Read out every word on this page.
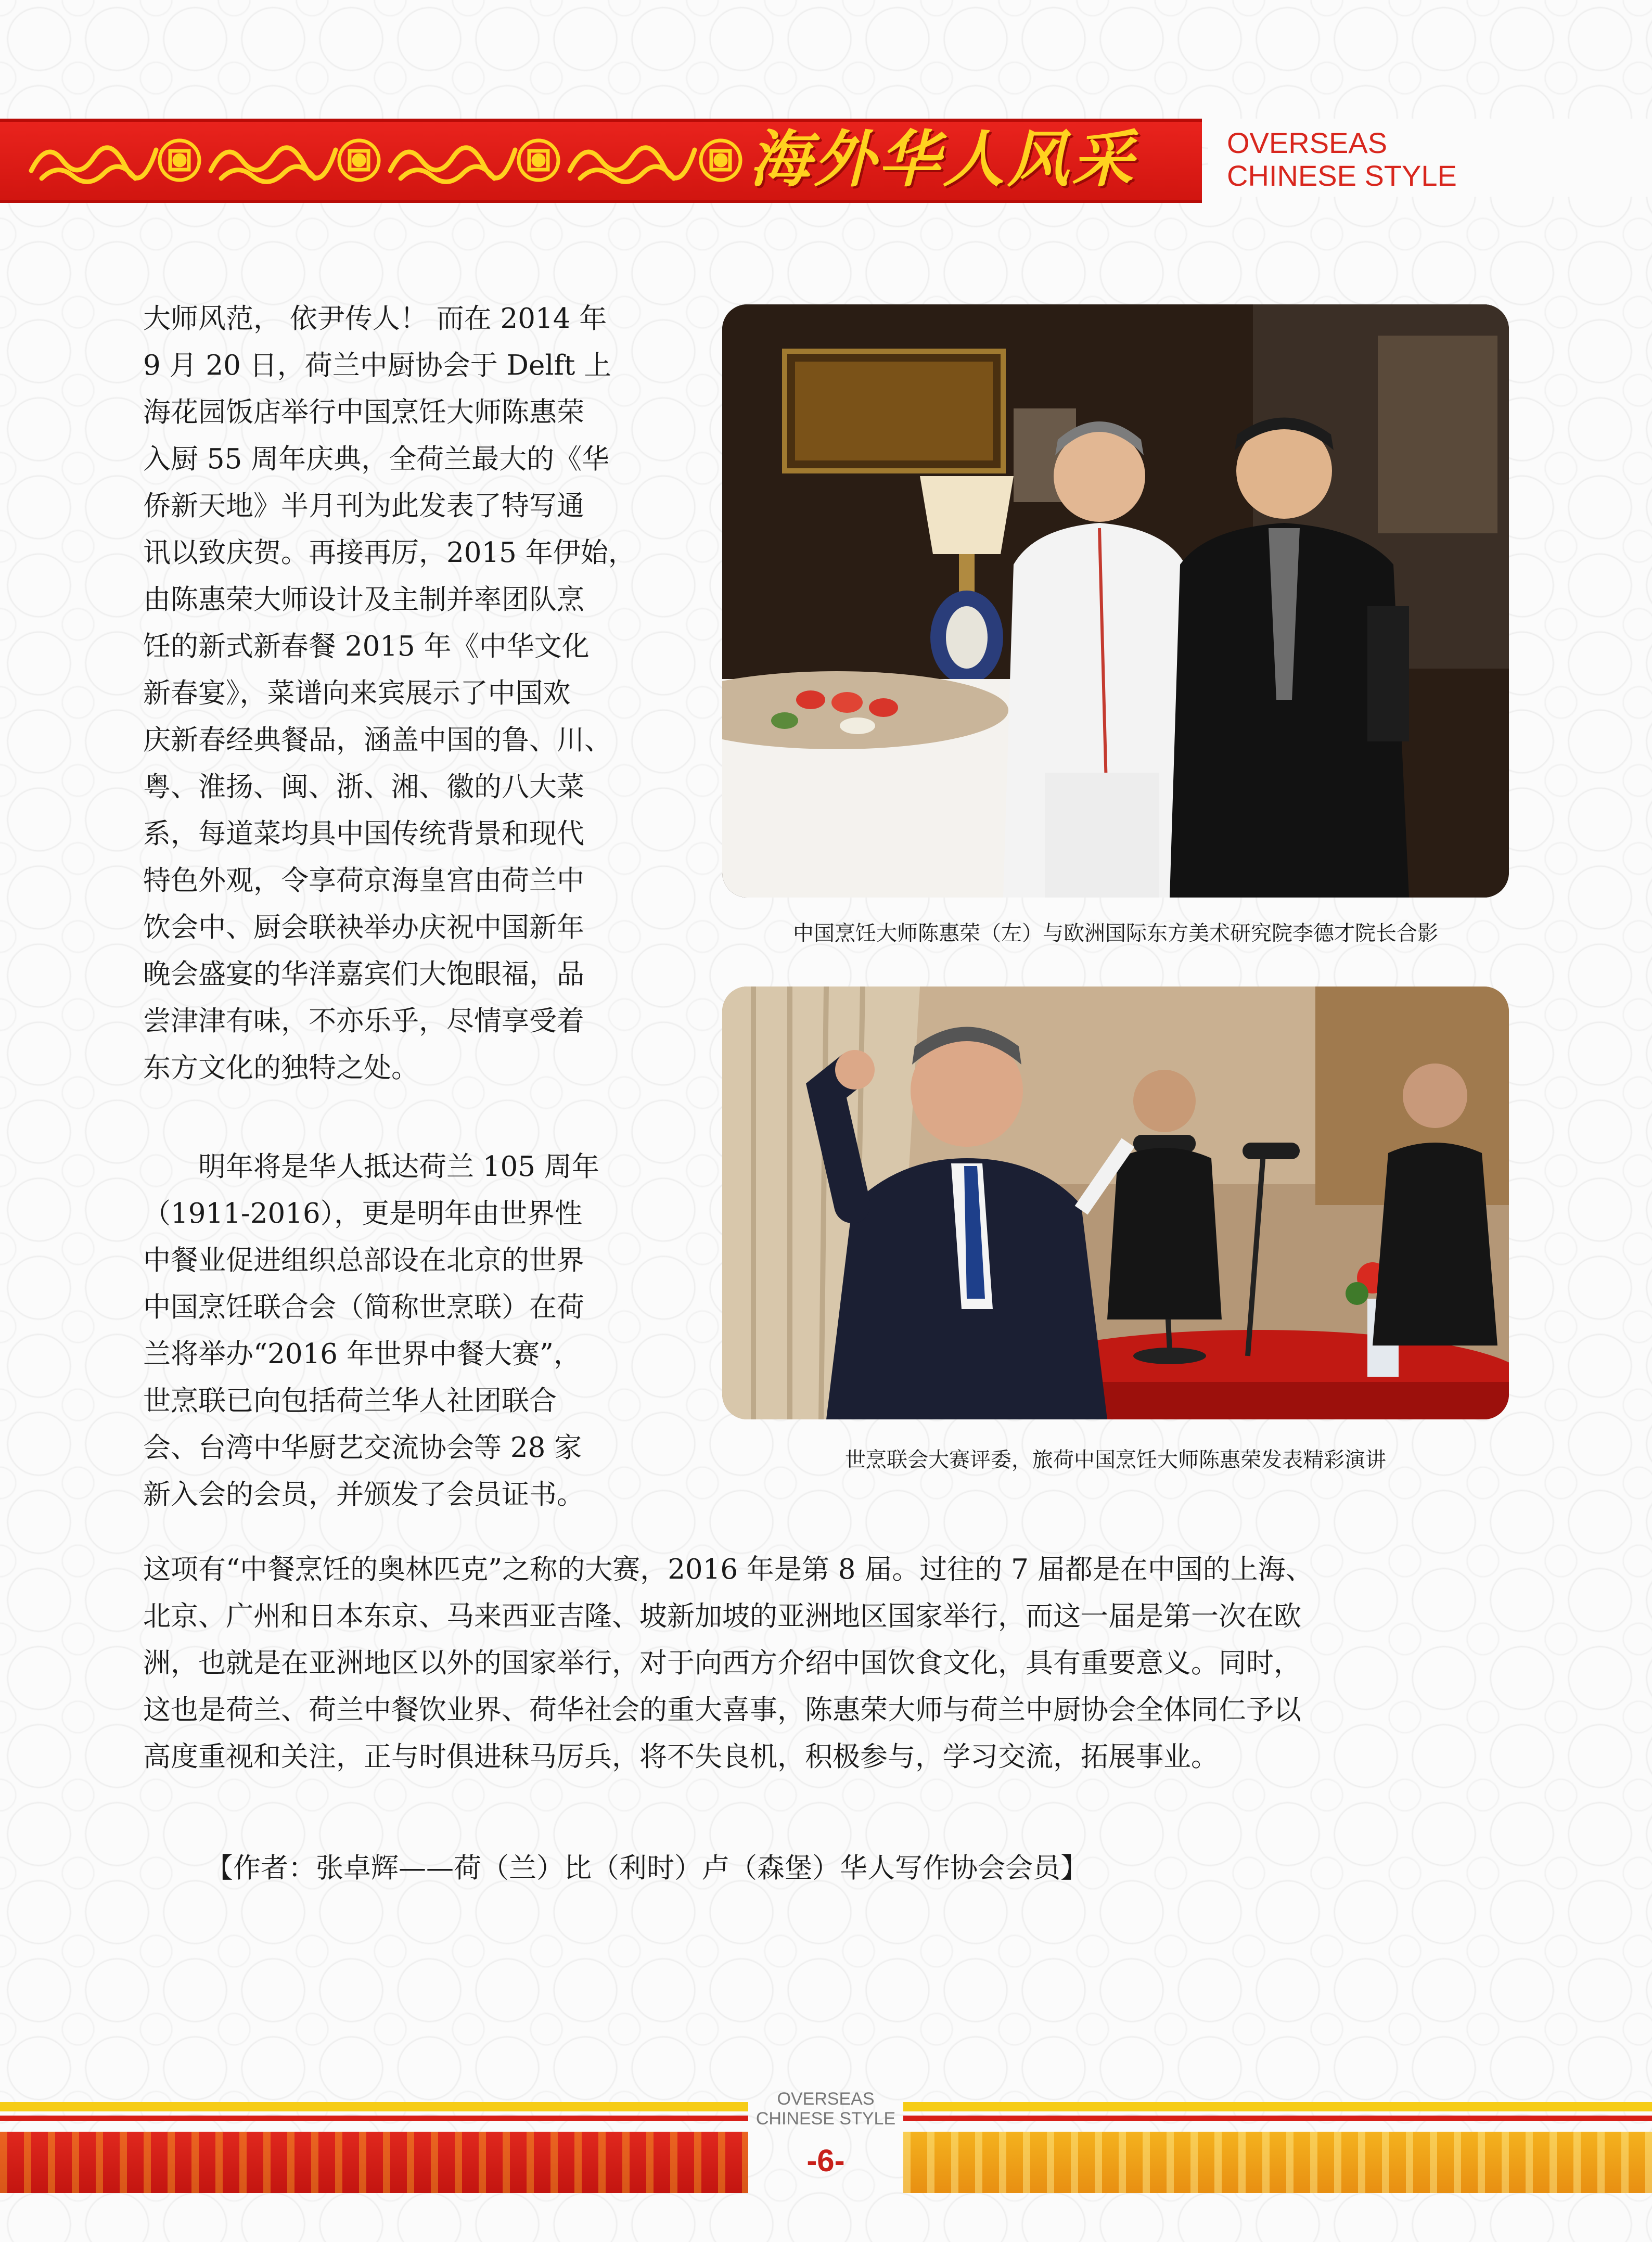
海外华人风采	OVERSEAS
CHINESE STYLE
大师风范， 依尹传人！ 而在 2014 年
9 月 20 日，荷兰中厨协会于 Delft 上
海花园饭店举行中国烹饪大师陈惠荣
入厨 55 周年庆典，全荷兰最大的《华
侨新天地》半月刊为此发表了特写通
讯以致庆贺。再接再厉，2015 年伊始，
由陈惠荣大师设计及主制并率团队烹
饪的新式新春餐 2015 年《中华文化
新春宴》，菜谱向来宾展示了中国欢
庆新春经典餐品，涵盖中国的鲁、川、
粤、淮扬、闽、浙、湘、徽的八大菜
系，每道菜均具中国传统背景和现代
特色外观，令享荷京海皇宫由荷兰中
饮会中、厨会联袂举办庆祝中国新年
晚会盛宴的华洋嘉宾们大饱眼福，品
尝津津有味，不亦乐乎，尽情享受着
东方文化的独特之处。
　　明年将是华人抵达荷兰 105 周年
（1911-2016），更是明年由世界性
中餐业促进组织总部设在北京的世界
中国烹饪联合会（简称世烹联）在荷
兰将举办“2016 年世界中餐大赛”，
世烹联已向包括荷兰华人社团联合
会、台湾中华厨艺交流协会等 28 家
新入会的会员，并颁发了会员证书。
这项有“中餐烹饪的奥林匹克”之称的大赛，2016 年是第 8 届。过往的 7 届都是在中国的上海、
北京、广州和日本东京、马来西亚吉隆、坡新加坡的亚洲地区国家举行，而这一届是第一次在欧
洲，也就是在亚洲地区以外的国家举行，对于向西方介绍中国饮食文化，具有重要意义。同时，
这也是荷兰、荷兰中餐饮业界、荷华社会的重大喜事，陈惠荣大师与荷兰中厨协会全体同仁予以
高度重视和关注，正与时俱进秣马厉兵，将不失良机，积极参与，学习交流，拓展事业。
【作者：张卓辉——荷（兰）比（利时）卢（森堡）华人写作协会会员】
中国烹饪大师陈惠荣（左）与欧洲国际东方美术研究院李德才院长合影
世烹联会大赛评委，旅荷中国烹饪大师陈惠荣发表精彩演讲
OVERSEAS
CHINESE STYLE
-6-
